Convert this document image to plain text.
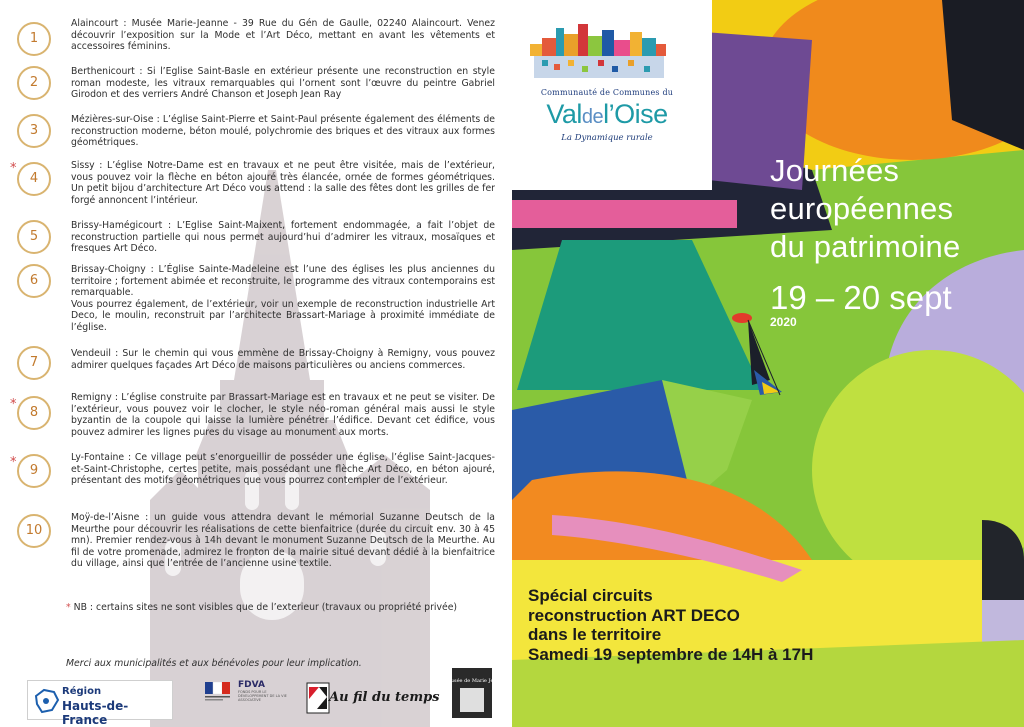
1
Alaincourt : Musée Marie-Jeanne - 39 Rue du Gén de Gaulle, 02240 Alaincourt. Venez découvrir l’exposition sur la Mode et l’Art Déco, mettant en avant les vêtements et accessoires féminins.
2
Berthenicourt : Si l’Eglise Saint-Basle en extérieur présente une reconstruction en style roman modeste, les vitraux remarquables qui l’ornent sont l’œuvre du peintre Gabriel Girodon et des verriers André Chanson et Joseph Jean Ray
3
Mézières-sur-Oise : L’église Saint-Pierre et Saint-Paul présente également des éléments de reconstruction moderne, béton moulé, polychromie des briques et des vitraux aux formes géométriques.
*
4
Sissy : L’église Notre-Dame est en travaux et ne peut être visitée, mais de l’extérieur, vous pouvez voir la flèche en béton ajouré très élancée, ornée de formes géométriques. Un petit bijou d’architecture Art Déco vous attend : la salle des fêtes dont les grilles de fer forgé annoncent l’intérieur.
5
Brissy-Hamégicourt : L’Eglise Saint-Maixent, fortement endommagée, a fait l’objet de reconstruction partielle qui nous permet aujourd’hui d’admirer les vitraux, mosaïques et fresques Art Déco.
6
Brissay-Choigny : L’Église Sainte-Madeleine est l’une des églises les plus anciennes du territoire ; fortement abimée et reconstruite, le programme des vitraux contemporains est remarquable.
Vous pourrez également, de l’extérieur, voir un exemple de reconstruction industrielle Art Deco, le moulin, reconstruit par l’architecte Brassart-Mariage à proximité immédiate de l’église.
7
Vendeuil : Sur le chemin qui vous emmène de Brissay-Choigny à Remigny, vous pouvez admirer quelques façades Art Déco de maisons particulières ou anciens commerces.
*
8
Remigny : L’église construite par Brassart-Mariage est en travaux et ne peut se visiter. De l’extérieur, vous pouvez voir le clocher, le style néo-roman général mais aussi le style byzantin de la coupole qui laisse la lumière pénétrer l’édifice. Devant cet édifice, vous pouvez admirer les lignes pures du visage au monument aux morts.
*
9
Ly-Fontaine : Ce village peut s’enorgueillir de posséder une église, l’église Saint-Jacques-et-Saint-Christophe, certes petite, mais possédant une flèche Art Déco, en béton ajouré, présentant des motifs géométriques que vous pourrez contempler de l’extérieur.
10
Moÿ-de-l’Aisne : un guide vous attendra devant le mémorial Suzanne Deutsch de la Meurthe pour découvrir les réalisations de cette bienfaitrice (durée du circuit env. 30 à 45 mn). Premier rendez-vous à 14h devant le monument Suzanne Deutsch de la Meurthe. Au fil de votre promenade, admirez le fronton de la mairie situé devant dédié à la bienfaitrice du village, ainsi que l’entrée de l’ancienne usine textile.
* NB : certains sites ne sont visibles que de l’exterieur (travaux ou propriété privée)
Merci aux municipalités et aux bénévoles pour leur implication.
Région
Hauts-de-France
FDVA
FONDS POUR LE DÉVELOPPEMENT DE LA VIE ASSOCIATIVE	Au fil du temps
Le musée de Marie Jeanne
Communauté de Communes du
Valdel’Oise
La Dynamique rurale
Journées
européennes
du patrimoine
19 – 20 sept
2020
Spécial circuits
reconstruction ART DECO
dans le territoire
Samedi 19 septembre de 14H à 17H
